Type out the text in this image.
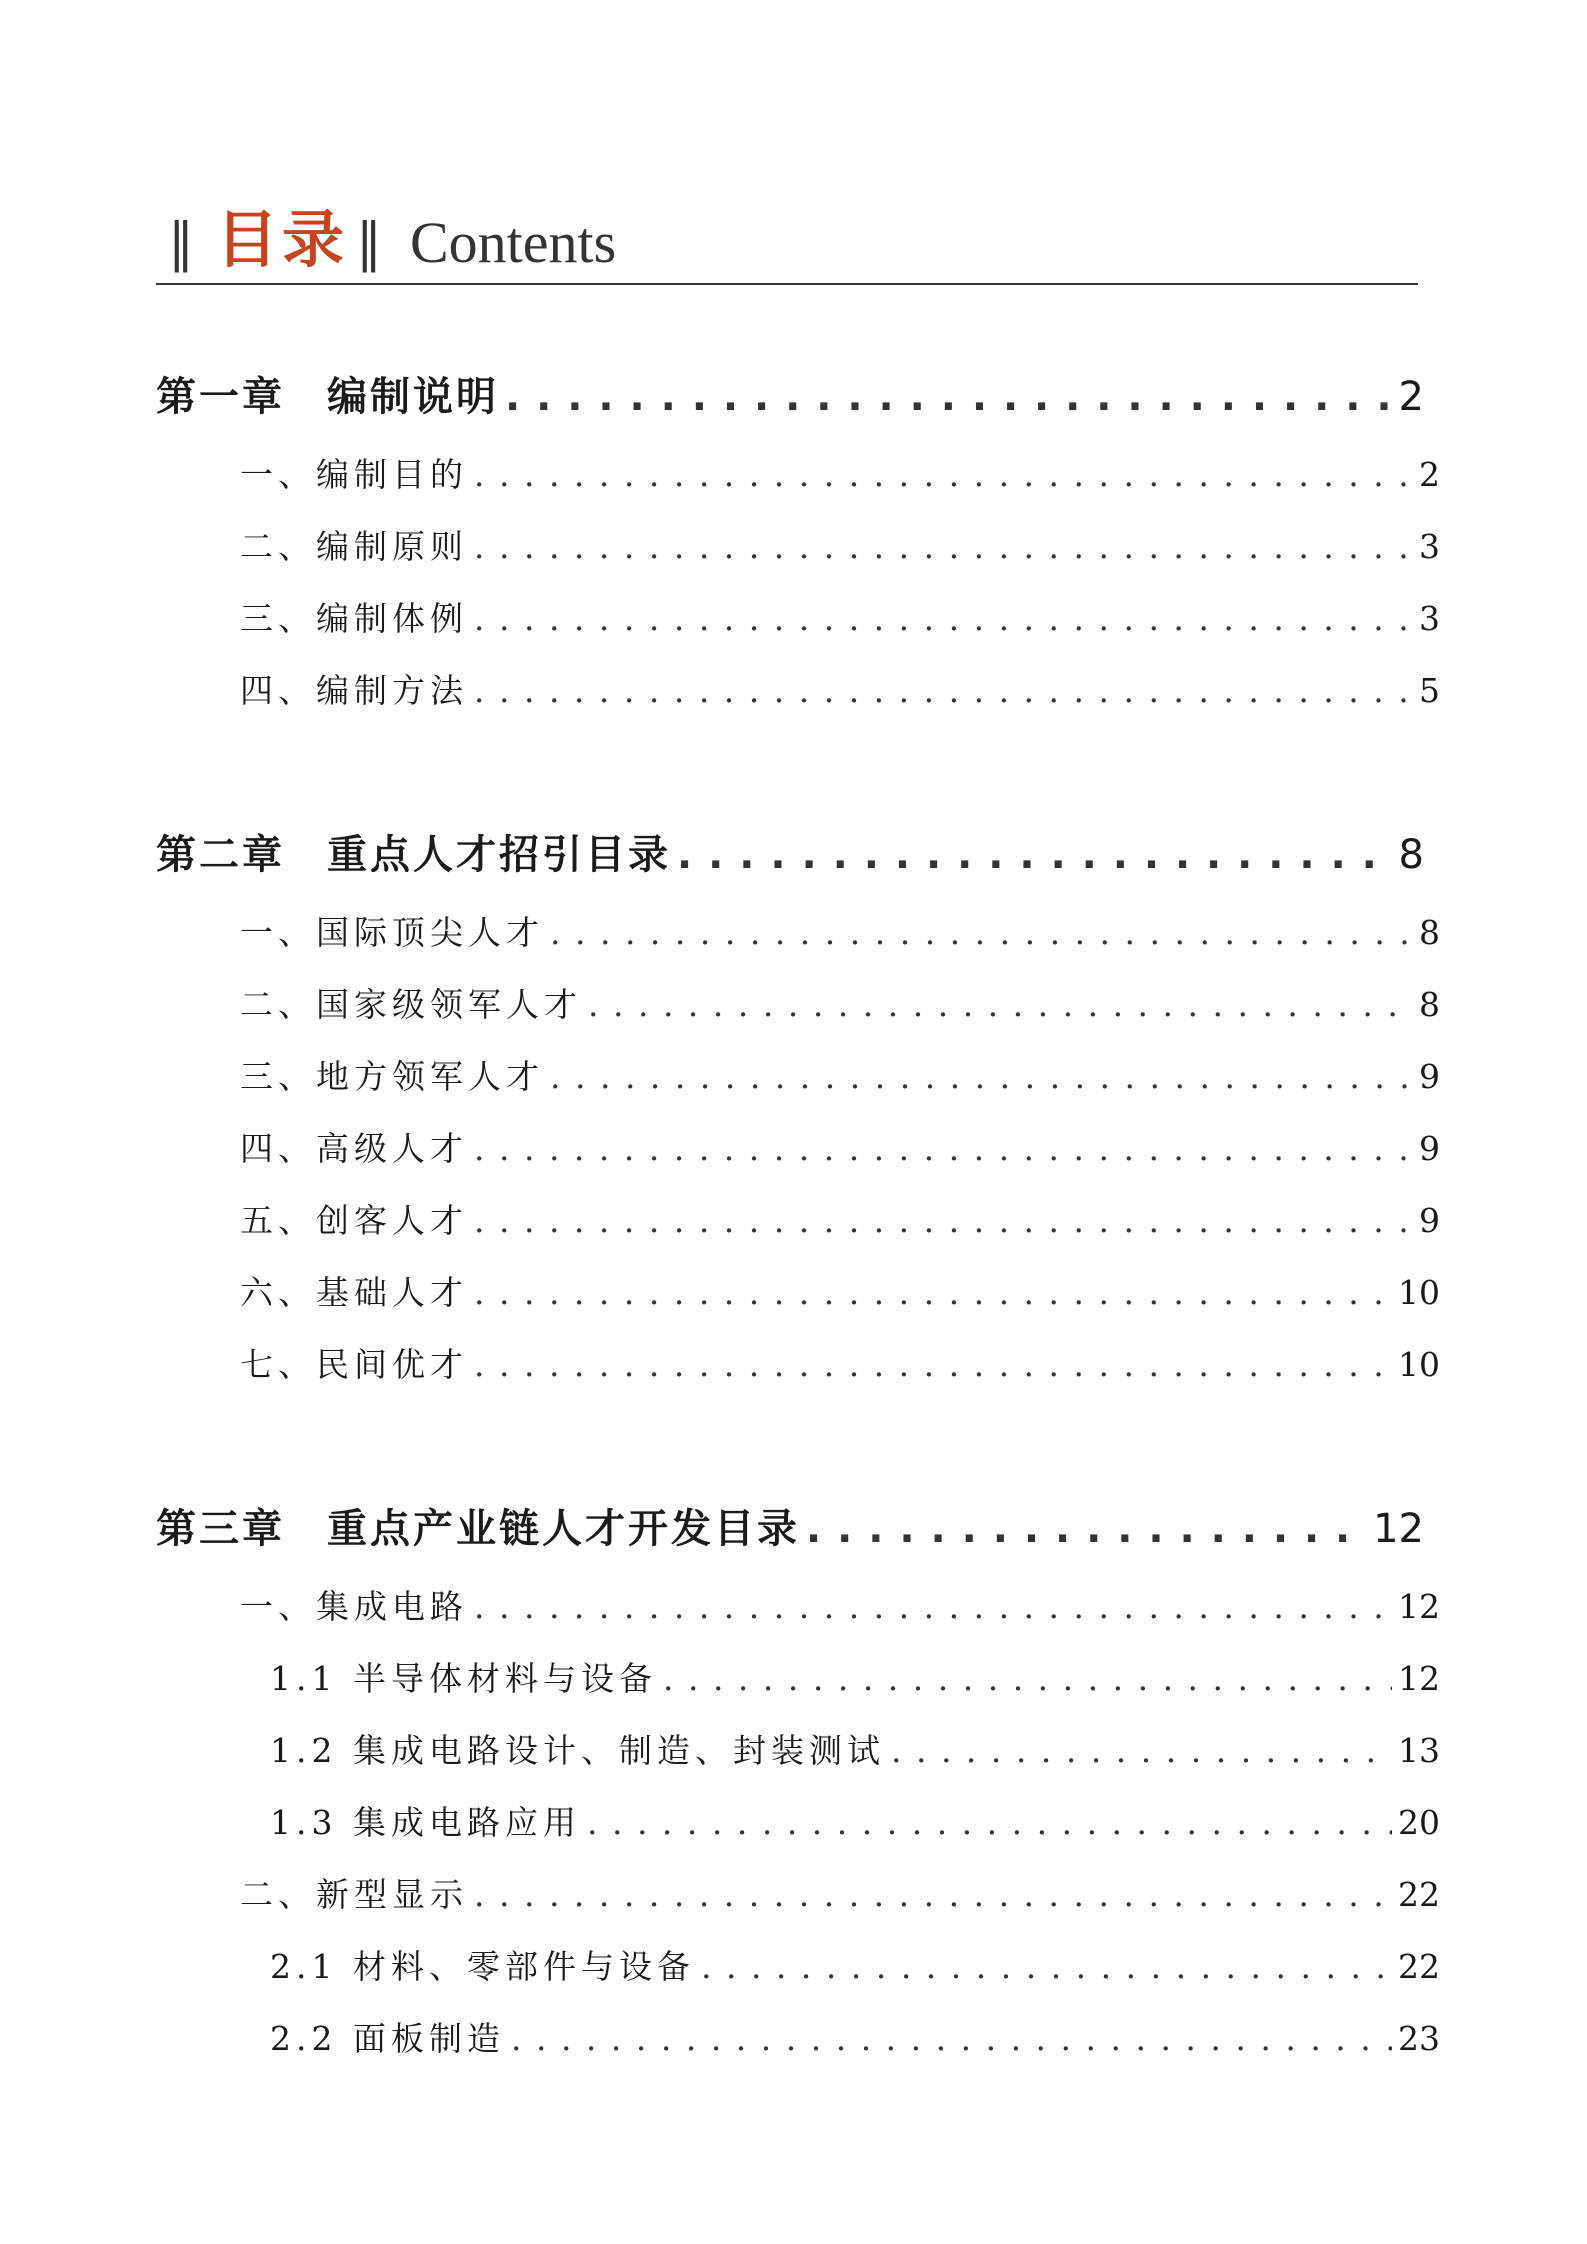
‖ 目录 ‖ Contents
第一章 编制说明 . . .	2
一、编制目的 . . .	2
二、编制原则 . . .	3
三、编制体例 . . .	3
四、编制方法 . . .	5
第二章 重点人才招引目录 . . .	8
一、国际顶尖人才 . . .	8
二、国家级领军人才 . . .	8
三、地方领军人才 . . .	9
四、高级人才 . . .	9
五、创客人才 . . .	9
六、基础人才 . . .	10
七、民间优才 . . .	10
第三章 重点产业链人才开发目录 . . .	12
一、集成电路 . . .	12
1.1 半导体材料与设备 . . .	12
1.2 集成电路设计、制造、封装测试 . . .	13
1.3 集成电路应用 . . .	20
二、新型显示 . . .	22
2.1 材料、零部件与设备 . . .	22
2.2 面板制造 . . .	23
